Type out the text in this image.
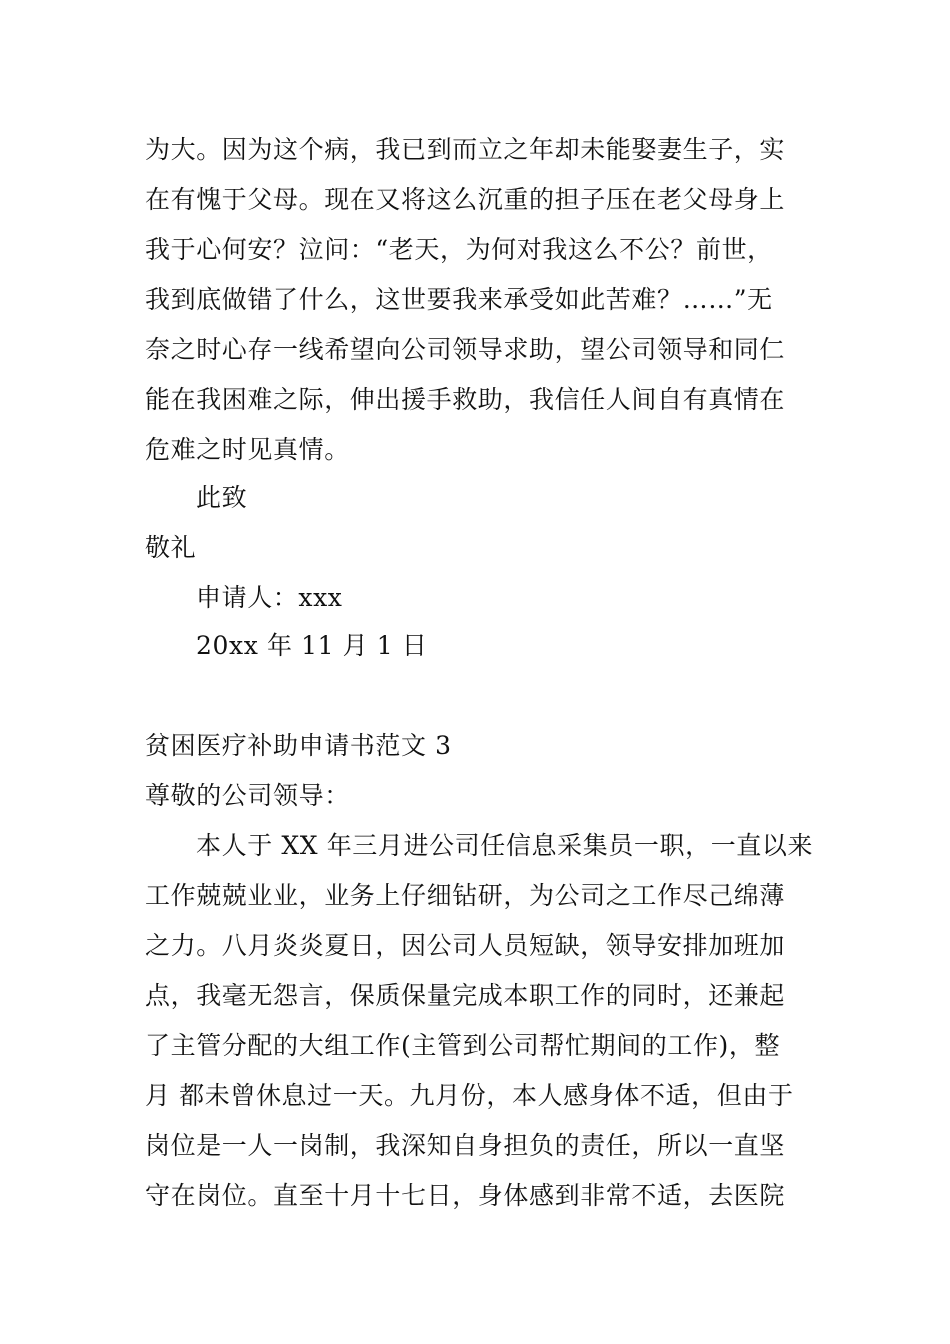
为大。因为这个病，我已到而立之年却未能娶妻生子，实
在有愧于父母。现在又将这么沉重的担子压在老父母身上
我于心何安？泣问：“老天，为何对我这么不公？前世，
我到底做错了什么，这世要我来承受如此苦难？……”无
奈之时心存一线希望向公司领导求助，望公司领导和同仁
能在我困难之际，伸出援手救助，我信任人间自有真情在
危难之时见真情。
此致
敬礼
申请人：xxx
20xx 年 11 月 1 日
贫困医疗补助申请书范文 3
尊敬的公司领导：
本人于 XX 年三月进公司任信息采集员一职，一直以来
工作兢兢业业，业务上仔细钻研，为公司之工作尽己绵薄
之力。八月炎炎夏日，因公司人员短缺，领导安排加班加
点，我毫无怨言，保质保量完成本职工作的同时，还兼起
了主管分配的大组工作(主管到公司帮忙期间的工作)，整
月 都未曾休息过一天。九月份，本人感身体不适，但由于
岗位是一人一岗制，我深知自身担负的责任，所以一直坚
守在岗位。直至十月十七日，身体感到非常不适，去医院
